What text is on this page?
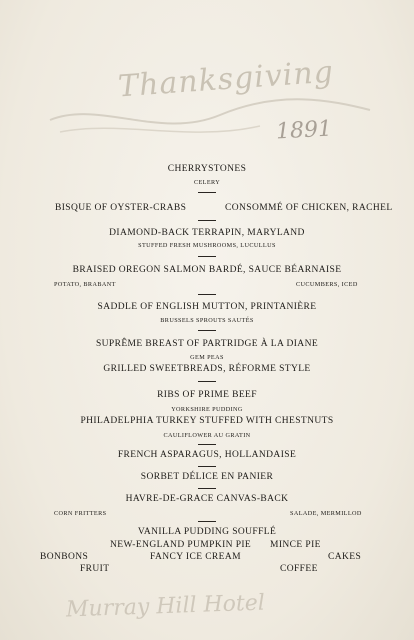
Thanksgiving
1891
CHERRYSTONES
CELERY
BISQUE OF OYSTER-CRABS	CONSOMMÉ OF CHICKEN, RACHEL
DIAMOND-BACK TERRAPIN, MARYLAND
STUFFED FRESH MUSHROOMS, LUCULLUS
BRAISED OREGON SALMON BARDÉ, SAUCE BÉARNAISE
POTATO, BRABANT	CUCUMBERS, ICED
SADDLE OF ENGLISH MUTTON, PRINTANIÈRE
BRUSSELS SPROUTS SAUTÉS
SUPRÊME BREAST OF PARTRIDGE À LA DIANE
GEM PEAS
GRILLED SWEETBREADS, RÉFORME STYLE
RIBS OF PRIME BEEF
YORKSHIRE PUDDING
PHILADELPHIA TURKEY STUFFED WITH CHESTNUTS
CAULIFLOWER AU GRATIN
FRENCH ASPARAGUS, HOLLANDAISE
SORBET DÉLICE EN PANIER
HAVRE-DE-GRACE CANVAS-BACK
CORN FRITTERS	SALADE, MERMILLOD
VANILLA PUDDING SOUFFLÉ
NEW-ENGLAND PUMPKIN PIE MINCE PIE
BONBONS	FANCY ICE CREAM	CAKES
FRUIT	COFFEE
Murray Hill Hotel
